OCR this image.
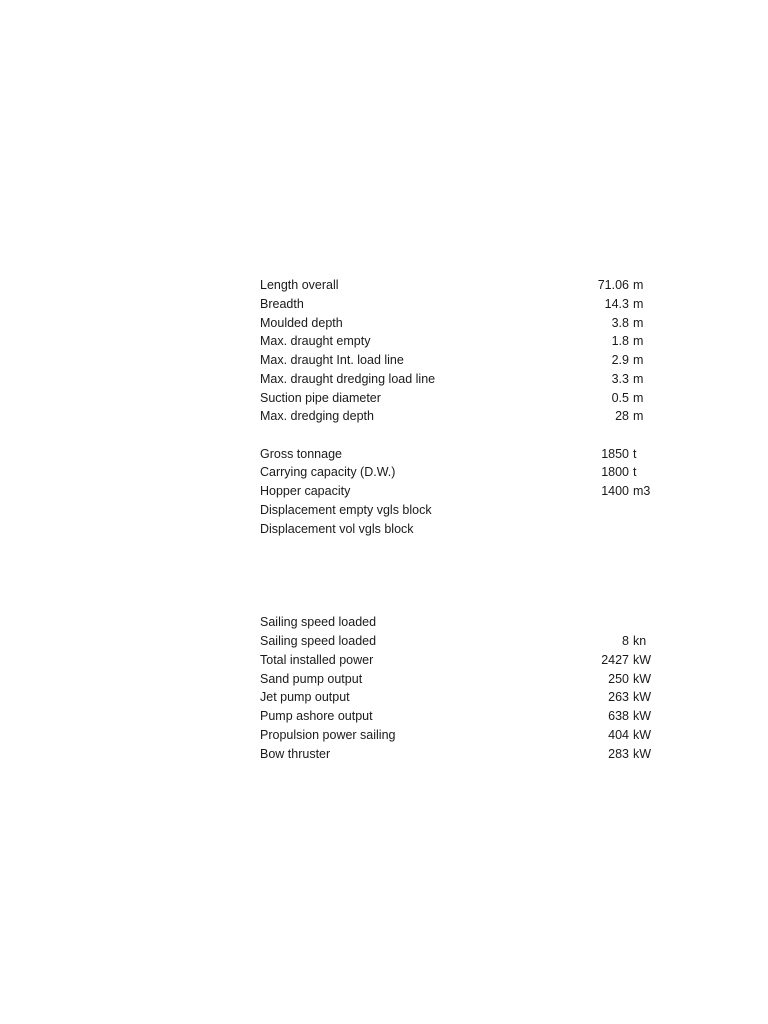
Length overall	71.06 m
Breadth	14.3 m
Moulded depth	3.8 m
Max. draught empty	1.8 m
Max. draught Int. load line	2.9 m
Max. draught dredging load line	3.3 m
Suction pipe diameter	0.5 m
Max. dredging depth	28 m
Gross tonnage	1850 t
Carrying capacity (D.W.)	1800 t
Hopper capacity	1400 m3
Displacement empty vgls block
Displacement vol vgls block
Sailing speed loaded
Sailing speed loaded	8 kn
Total installed power	2427 kW
Sand pump output	250 kW
Jet pump output	263 kW
Pump ashore output	638 kW
Propulsion power sailing	404 kW
Bow thruster	283 kW
